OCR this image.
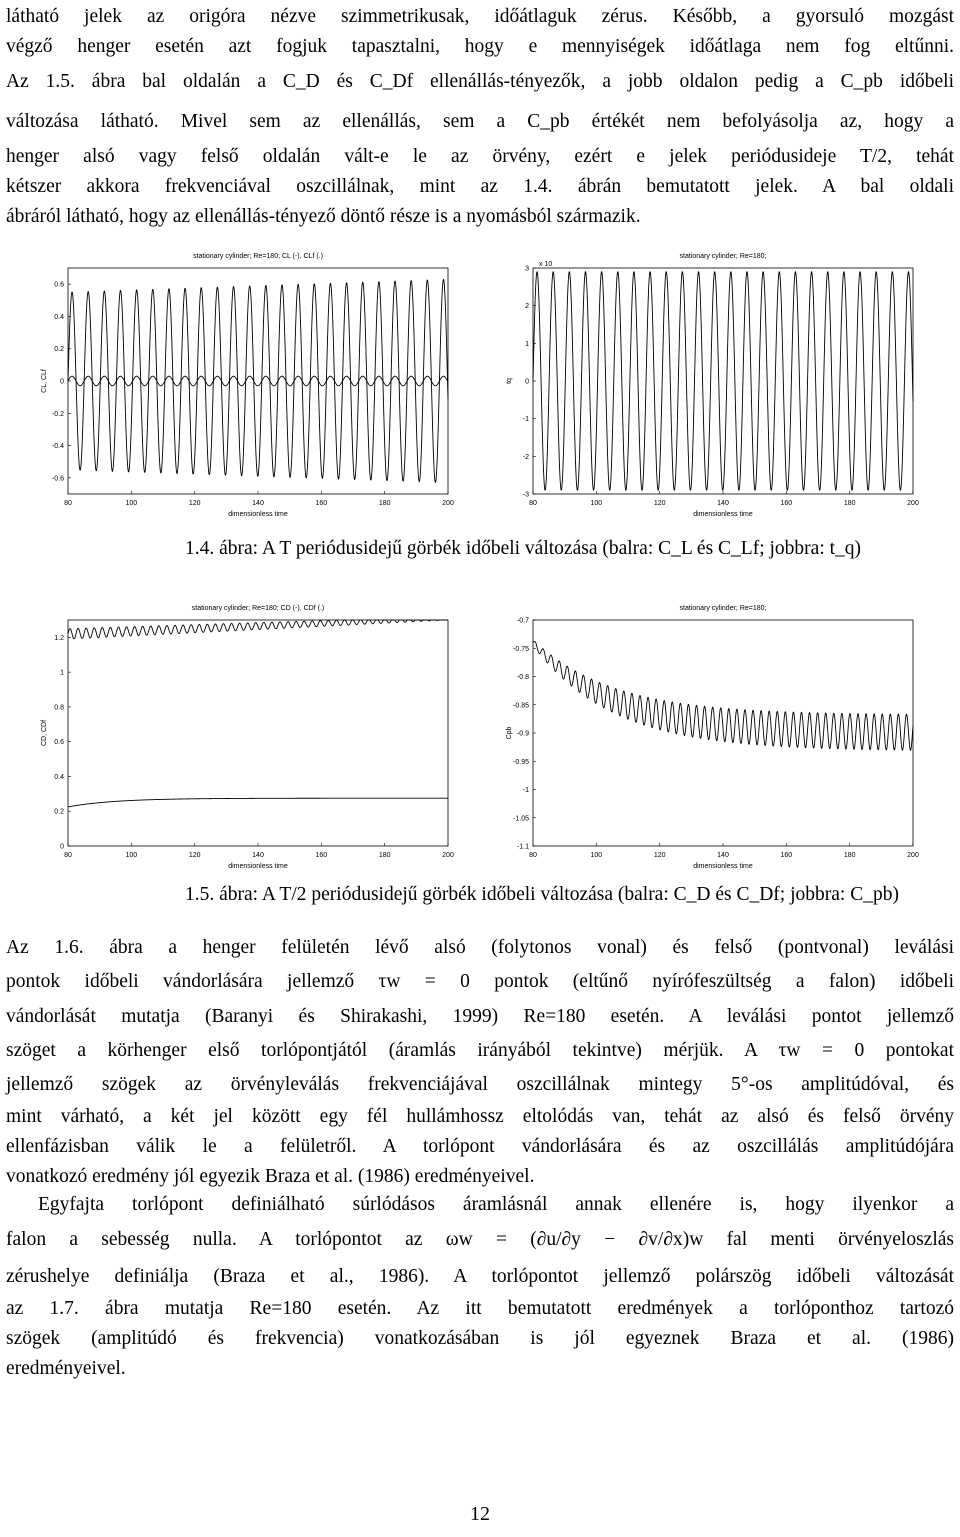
látható jelek az origóra nézve szimmetrikusak, időátlaguk zérus. Később, a gyorsuló mozgást
végző henger esetén azt fogjuk tapasztalni, hogy e mennyiségek időátlaga nem fog eltűnni.
Az 1.5. ábra bal oldalán a C_D és C_Df ellenállás-tényezők, a jobb oldalon pedig a C_pb időbeli
változása látható. Mivel sem az ellenállás, sem a C_pb értékét nem befolyásolja az, hogy a
henger alsó vagy felső oldalán vált-e le az örvény, ezért e jelek periódusideje T/2, tehát
kétszer akkora frekvenciával oszcillálnak, mint az 1.4. ábrán bemutatott jelek. A bal oldali
ábráról látható, hogy az ellenállás-tényező döntő része is a nyomásból származik.
stationary cylinder; Re=180; CL (-), CLf (.)
80	100	120	140	160	180	200
0.6
0.4
0.2
0
-0.2
-0.4
-0.6
dimensionless time
CL, CLf
stationary cylinder; Re=180;
80	100	120	140	160	180	200
3
2
1
0
-1
-2
-3
dimensionless time
tq
x 10
1.4. ábra: A T periódusidejű görbék időbeli változása (balra: C_L és C_Lf; jobbra: t_q)
stationary cylinder; Re=180; CD (-), CDf (.)
80	100	120	140	160	180	200
1.2
1
0.8
0.6
0.4
0.2
0
dimensionless time
CD, CDf
stationary cylinder; Re=180;
80	100	120	140	160	180	200
-0.7
-0.75
-0.8
-0.85
-0.9
-0.95
-1
-1.05
-1.1
dimensionless time
Cpb
1.5. ábra: A T/2 periódusidejű görbék időbeli változása (balra: C_D és C_Df; jobbra: C_pb)
Az 1.6. ábra a henger felületén lévő alsó (folytonos vonal) és felső (pontvonal) leválási
pontok időbeli vándorlására jellemző τw = 0 pontok (eltűnő nyírófeszültség a falon) időbeli
vándorlását mutatja (Baranyi és Shirakashi, 1999) Re=180 esetén. A leválási pontot jellemző
szöget a körhenger első torlópontjától (áramlás irányából tekintve) mérjük. A τw = 0 pontokat
jellemző szögek az örvényleválás frekvenciájával oszcillálnak mintegy 5°-os amplitúdóval, és
mint várható, a két jel között egy fél hullámhossz eltolódás van, tehát az alsó és felső örvény
ellenfázisban válik le a felületről. A torlópont vándorlására és az oszcillálás amplitúdójára
vonatkozó eredmény jól egyezik Braza et al. (1986) eredményeivel.
Egyfajta torlópont definiálható súrlódásos áramlásnál annak ellenére is, hogy ilyenkor a
falon a sebesség nulla. A torlópontot az ωw = (∂u/∂y − ∂v/∂x)w fal menti örvényeloszlás
zérushelye definiálja (Braza et al., 1986). A torlópontot jellemző polárszög időbeli változását
az 1.7. ábra mutatja Re=180 esetén. Az itt bemutatott eredmények a torlóponthoz tartozó
szögek (amplitúdó és frekvencia) vonatkozásában is jól egyeznek Braza et al. (1986)
eredményeivel.
12
